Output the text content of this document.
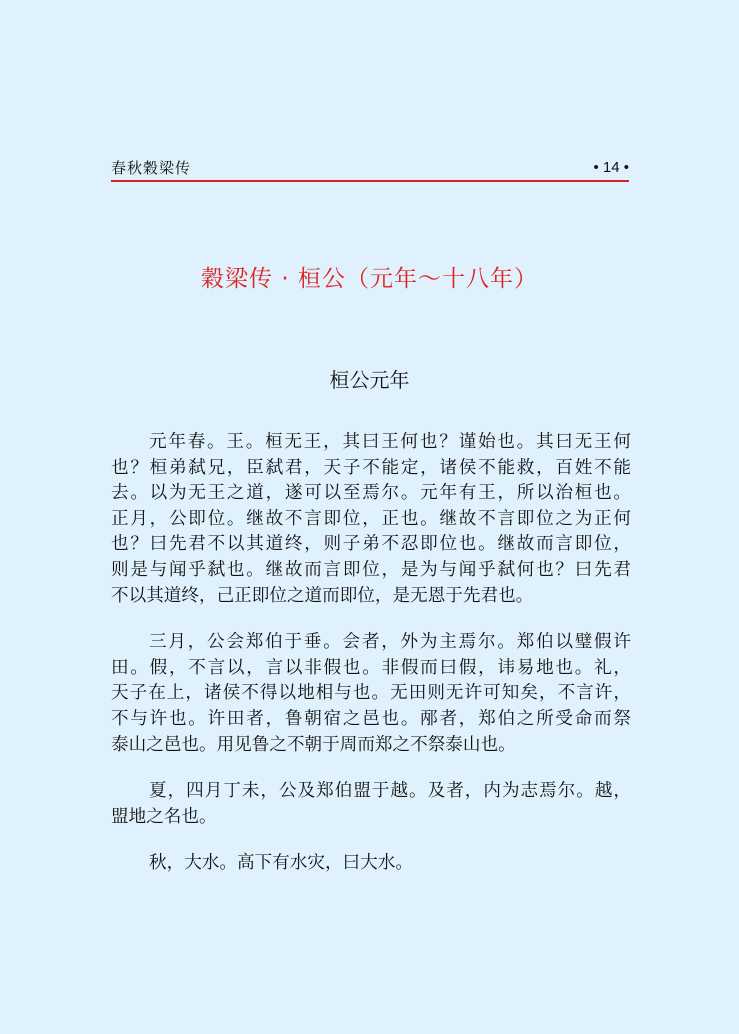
春秋穀梁传	• 14 •
穀梁传 · 桓公（元年～十八年）
桓公元年
元年春。王。桓无王，其曰王何也？谨始也。其曰无王何
也？桓弟弑兄，臣弑君，天子不能定，诸侯不能救，百姓不能
去。以为无王之道，遂可以至焉尔。元年有王，所以治桓也。
正月，公即位。继故不言即位，正也。继故不言即位之为正何
也？曰先君不以其道终，则子弟不忍即位也。继故而言即位，
则是与闻乎弑也。继故而言即位，是为与闻乎弑何也？曰先君
不以其道终，己正即位之道而即位，是无恩于先君也。
三月，公会郑伯于垂。会者，外为主焉尔。郑伯以璧假许
田。假，不言以，言以非假也。非假而曰假，讳易地也。礼，
天子在上，诸侯不得以地相与也。无田则无许可知矣，不言许，
不与许也。许田者，鲁朝宿之邑也。邴者，郑伯之所受命而祭
泰山之邑也。用见鲁之不朝于周而郑之不祭泰山也。
夏，四月丁未，公及郑伯盟于越。及者，内为志焉尔。越，
盟地之名也。
秋，大水。高下有水灾，曰大水。
